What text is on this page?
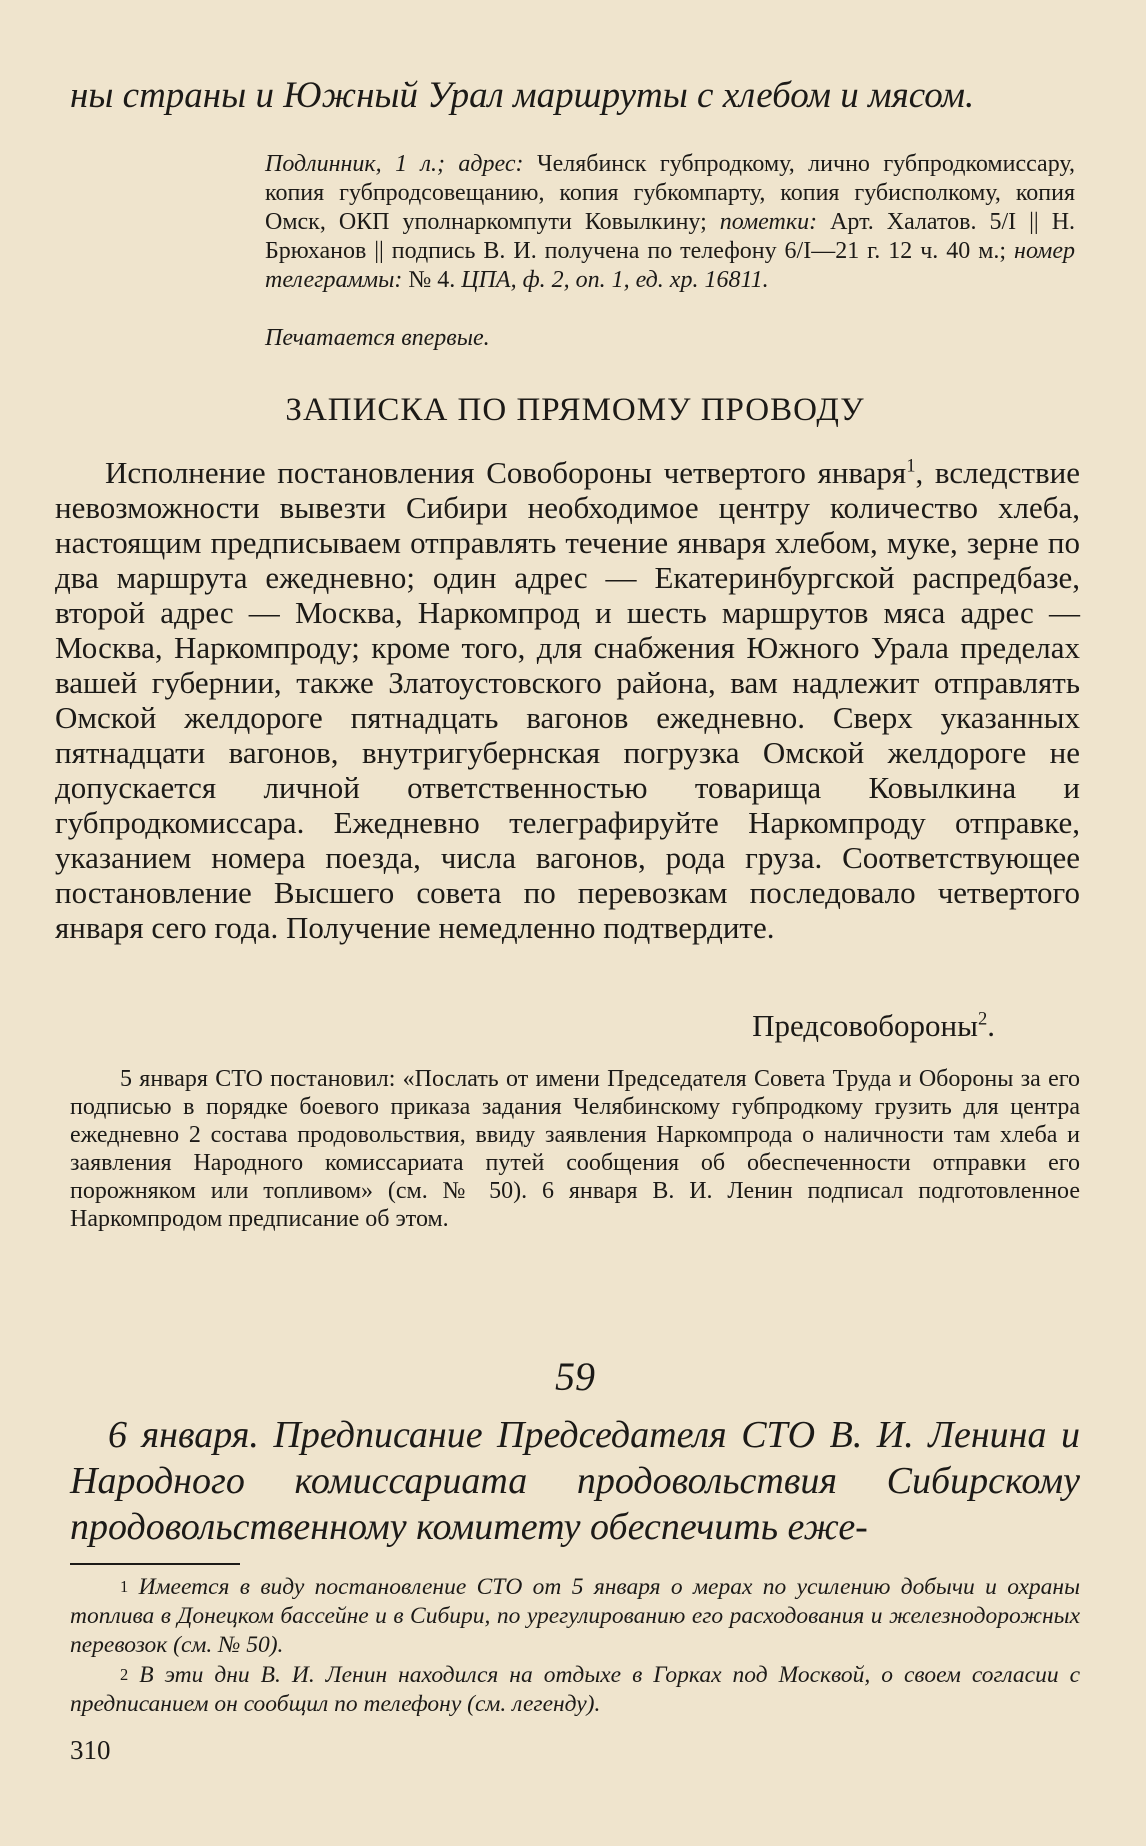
ны страны и Южный Урал маршруты с хлебом и мясом.

Подлинник, 1 л.; адрес: Челябинск губпродкому, лично губпродкомиссару, копия губпродсовещанию, копия губкомпарту, копия губисполкому, копия Омск, ОКП уполнаркомпути Ковылкину; пометки: Арт. Халатов. 5/I || Н. Брюханов || подпись В. И. получена по телефону 6/I—21 г. 12 ч. 40 м.; номер телеграммы: № 4. ЦПА, ф. 2, оп. 1, ед. хр. 16811.

Печатается впервые.

ЗАПИСКА ПО ПРЯМОМУ ПРОВОДУ

Исполнение постановления Совобороны четвертого января$^1$, вследствие невозможности вывезти Сибири необходимое центру количество хлеба, настоящим предписываем отправлять течение января хлебом, муке, зерне по два маршрута ежедневно; один адрес — Екатеринбургской распредбазе, второй адрес — Москва, Наркомпрод и шесть маршрутов мяса адрес — Москва, Наркомпроду; кроме того, для снабжения Южного Урала пределах вашей губернии, также Златоустовского района, вам надлежит отправлять Омской желдороге пятнадцать вагонов ежедневно. Сверх указанных пятнадцати вагонов, внутригубернская погрузка Омской желдороге не допускается личной ответственностью товарища Ковылкина и губпродкомиссара. Ежедневно телеграфируйте Наркомпроду отправке, указанием номера поезда, числа вагонов, рода груза. Соответствующее постановление Высшего совета по перевозкам последовало четвертого января сего года. Получение немедленно подтвердите.

Предсовобороны$^2$.

5 января СТО постановил: «Послать от имени Председателя Совета Труда и Обороны за его подписью в порядке боевого приказа задания Челябинскому губпродкому грузить для центра ежедневно 2 состава продовольствия, ввиду заявления Наркомпрода о наличности там хлеба и заявления Народного комиссариата путей сообщения об обеспеченности отправки его порожняком или топливом» (см. № 50). 6 января В. И. Ленин подписал подготовленное Наркомпродом предписание об этом.

59

6 января. Предписание Председателя СТО В. И. Ленина и Народного комиссариата продовольствия Сибирскому продовольственному комитету обеспечить еже-

1 Имеется в виду постановление СТО от 5 января о мерах по усилению добычи и охраны топлива в Донецком бассейне и в Сибири, по урегулированию его расходования и железнодорожных перевозок (см. № 50).

2 В эти дни В. И. Ленин находился на отдыхе в Горках под Москвой, о своем согласии с предписанием он сообщил по телефону (см. легенду).

310
